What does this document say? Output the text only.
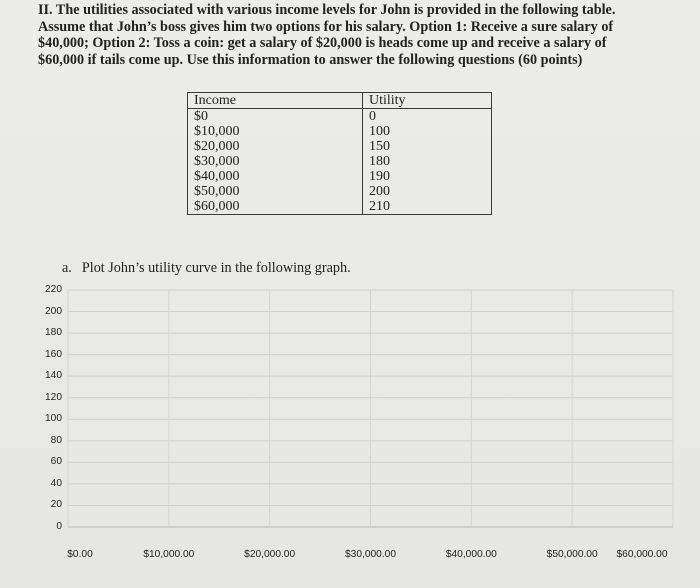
II. The utilities associated with various income levels for John is provided in the following table.

Assume that John’s boss gives him two options for his salary. Option 1: Receive a sure salary of

$40,000; Option 2: Toss a coin: get a salary of $20,000 is heads come up and receive a salary of

$60,000 if tails come up. Use this information to answer the following questions (60 points)

Income	Utility
$0	0
$10,000	100
$20,000	150
$30,000	180
$40,000	190
$50,000	200
$60,000	210
a. Plot John’s utility curve in the following graph.
0
20
40
60
80
100
120
140
160
180
200
220
$0.00	$10,000.00	$20,000.00	$30,000.00	$40,000.00	$50,000.00	$60,000.00
